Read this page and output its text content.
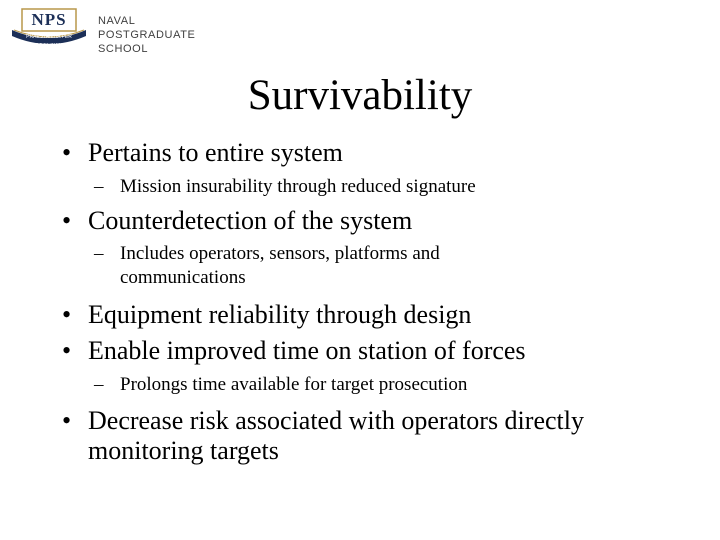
NPS
PRAESTANTIA PER SCIENTIAM
NAVAL
POSTGRADUATE
SCHOOL
Survivability
• Pertains to entire system
– Mission insurability through reduced signature
• Counterdetection of the system
– Includes operators, sensors, platforms and
communications
• Equipment reliability through design
• Enable improved time on station of forces
– Prolongs time available for target prosecution
• Decrease risk associated with operators directly
monitoring targets
